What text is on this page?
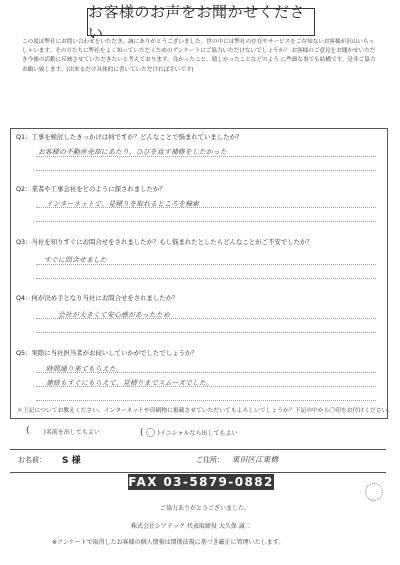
お客様のお声をお聞かせください
この度は弊社にお問い合わせをいただき、誠にありがとうございました。世の中には弊社の存在やサービスをご存知ないお客様が沢山いらっしゃいます。その方たちに弊社をよく知っていただくためのアンケートにご協力いただけないでしょうか？ お客様のご意見をお聞かせいただき今後の活動に反映させていただきたいと考えております。良かったこと、嬉しかったことなどのよう に些細な事でも結構です。是非ご協力お願い致します。(出来るだけ具体的に書いていただければ幸いです)
Q1：工事を検討したきっかけは何ですか？どんなことで悩まれていましたか？
お客様の不動産売却にあたり、ひびを直す補修をしたかった
Q2：業者や工事会社をどのように探されましたか？
インターネットで、見積りを取れるところを検索
Q3：当社を知りすぐにお問合せをされましたか？もし悩まれたとしたらどんなことがご不安でしたか？
すぐに問合せました
Q4：何が決め手となり当社にお問合せをされましたか？
会社が大きくて安心感があったため
Q5：実際に当社担当者がお伺いしていかがでしたでしょうか？
時間通り来てもらえた。
連絡もすぐにもらえて、見積りまでスムーズでした。
＊上記についてお教えください。インターネットや印刷物に掲載させていただいてもよろしいでしょうか？下記の中から〇印をお付けください。
( )名前を出してもよい	( 〇 )イニシャルなら出してもよい
お名前： S 様	ご住所： 東田区江東橋
FAX 03-5879-0882
ご協力ありがとうございました。
株式会社シアテック 代表取締役 大久保 誠二
※アンケートで取得したお客様の個人情報は関係法規に基づき厳正に管理いたします。
